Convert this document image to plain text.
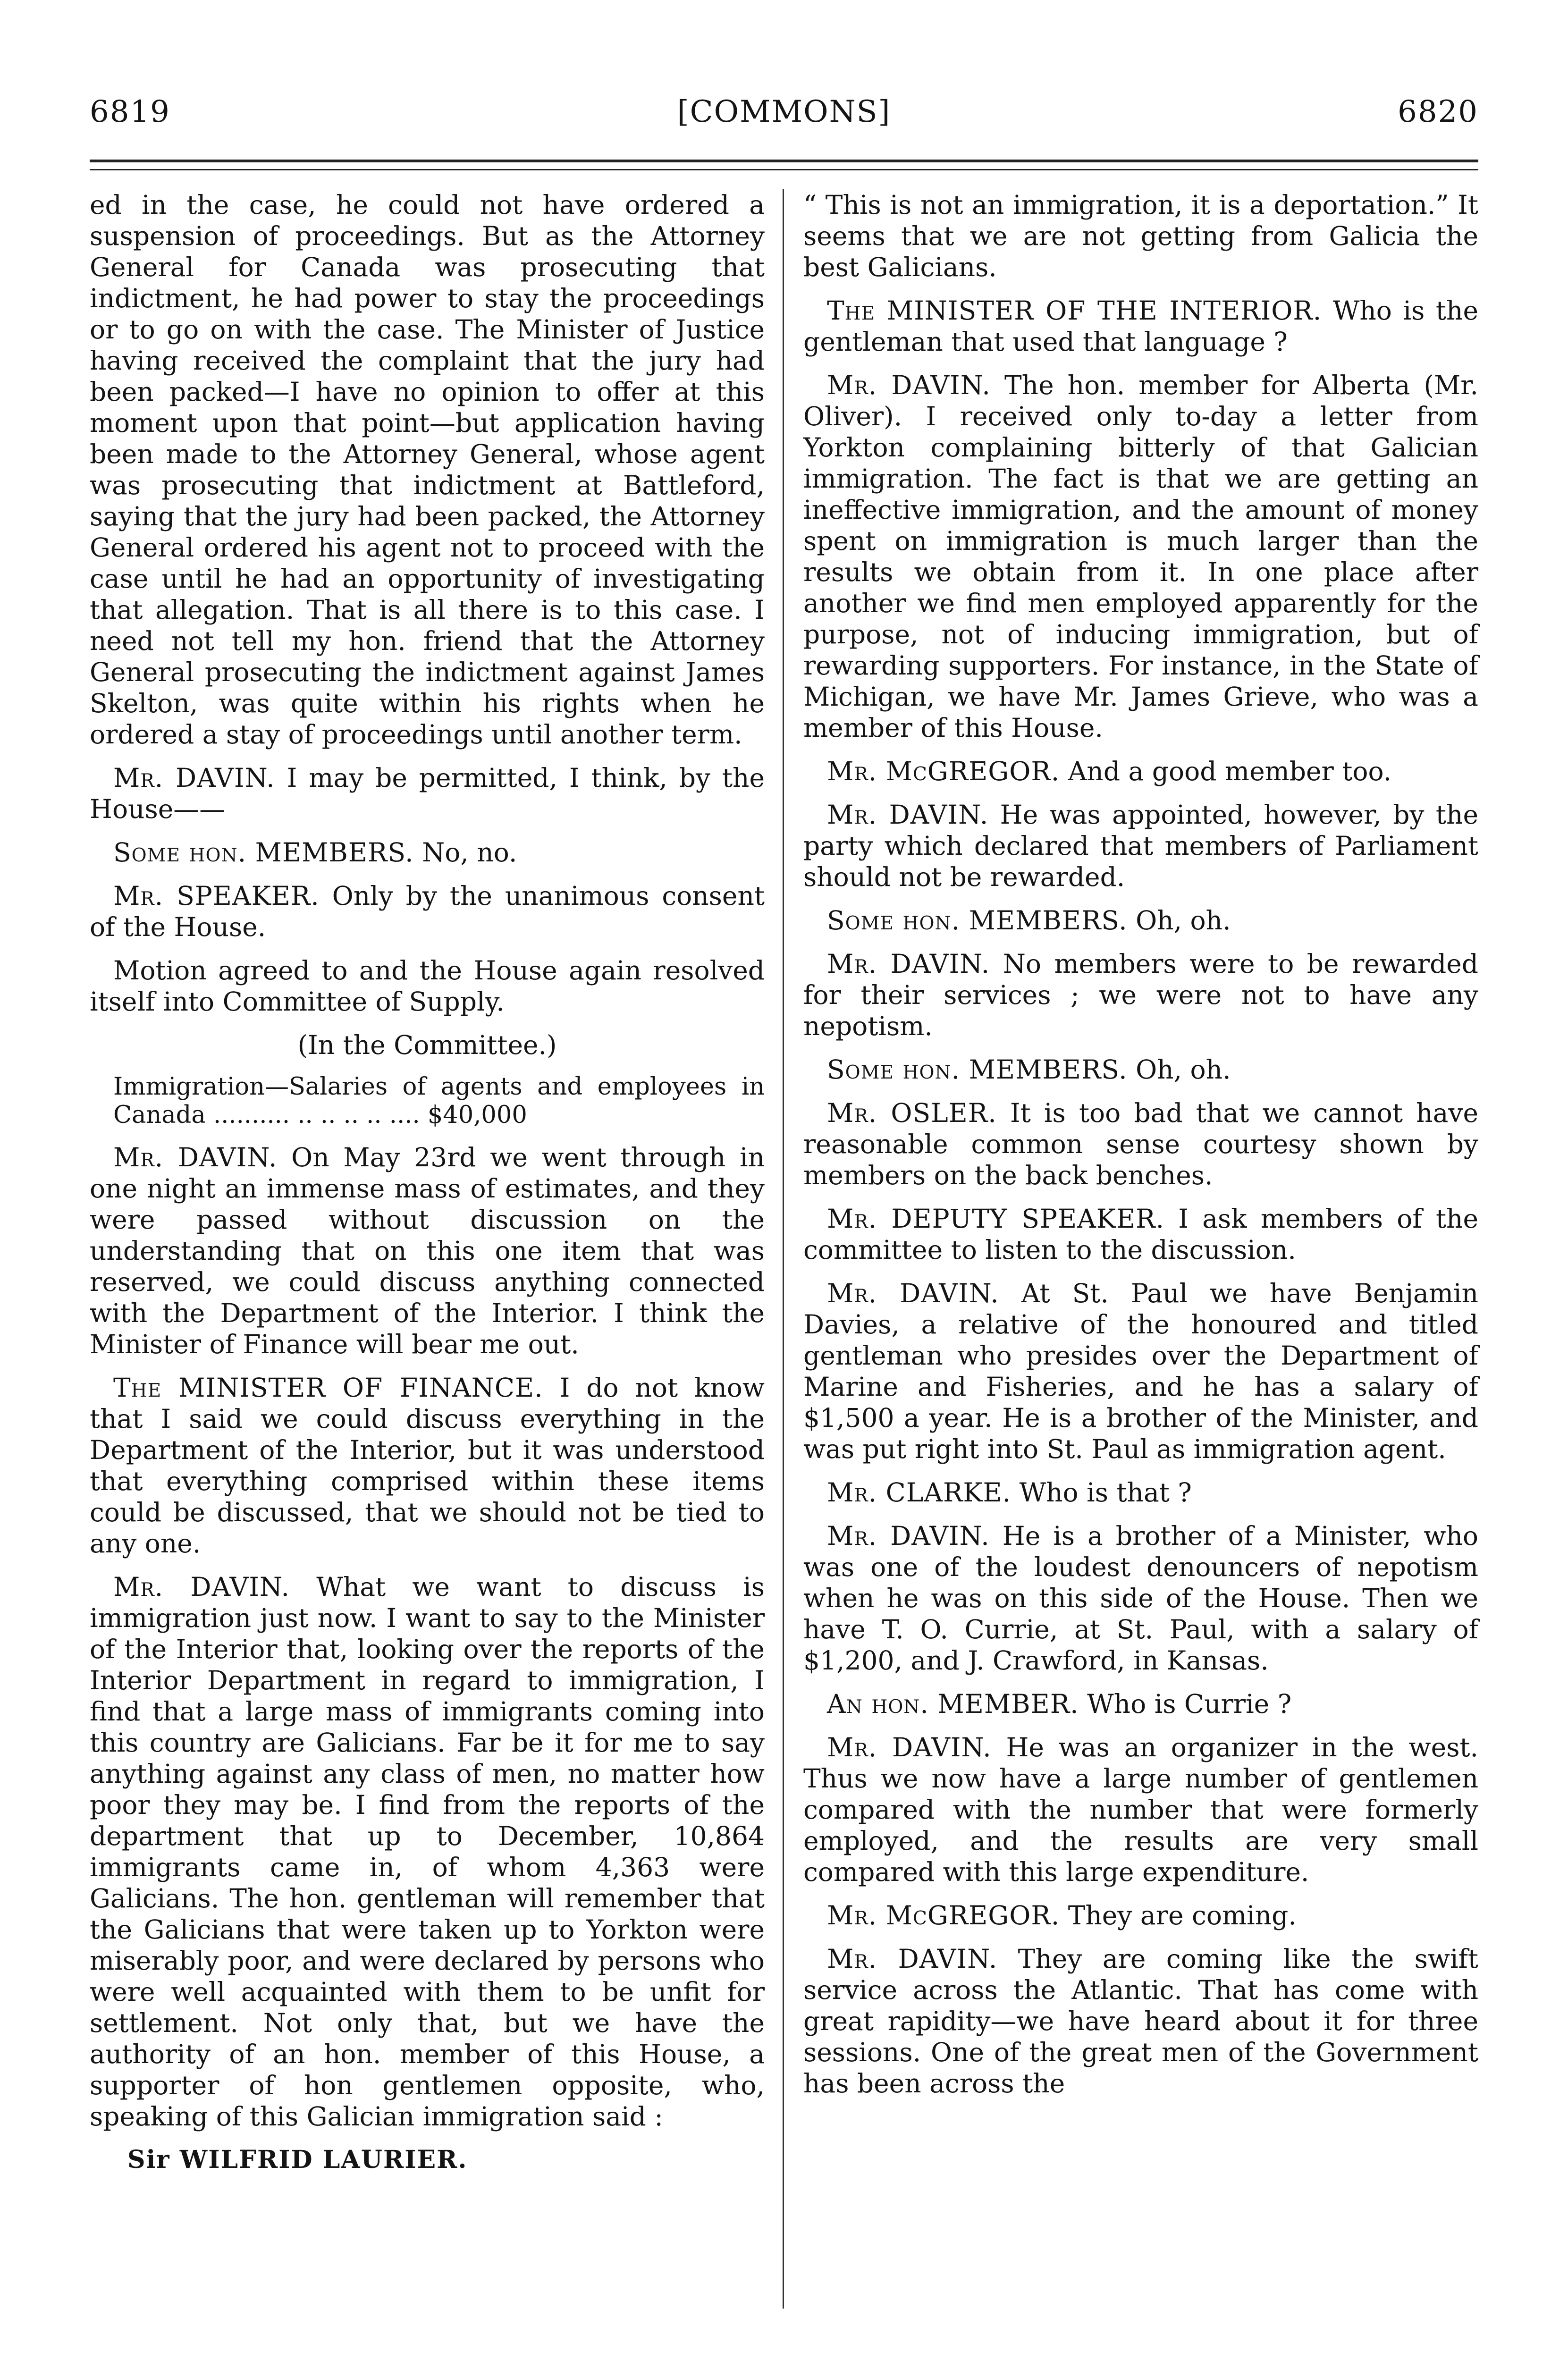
6819	[COMMONS]	6820

ed in the case, he could not have ordered a suspension of proceedings. But as the Attorney General for Canada was prosecuting that indictment, he had power to stay the proceedings or to go on with the case. The Minister of Justice having received the complaint that the jury had been packed—I have no opinion to offer at this moment upon that point—but application having been made to the Attorney General, whose agent was prosecuting that indictment at Battleford, saying that the jury had been packed, the Attorney General ordered his agent not to proceed with the case until he had an opportunity of investigating that allegation. That is all there is to this case. I need not tell my hon. friend that the Attorney General prosecuting the indictment against James Skelton, was quite within his rights when he ordered a stay of proceedings until another term.

Mr. DAVIN. I may be permitted, I think, by the House——

Some hon. MEMBERS. No, no.

Mr. SPEAKER. Only by the unanimous consent of the House.

Motion agreed to and the House again resolved itself into Committee of Supply.

(In the Committee.)

Immigration—Salaries of agents and employees in Canada .......... .. .. .. .. .... $40,000

Mr. DAVIN. On May 23rd we went through in one night an immense mass of estimates, and they were passed without discussion on the understanding that on this one item that was reserved, we could discuss anything connected with the Department of the Interior. I think the Minister of Finance will bear me out.

The MINISTER OF FINANCE. I do not know that I said we could discuss everything in the Department of the Interior, but it was understood that everything comprised within these items could be discussed, that we should not be tied to any one.

Mr. DAVIN. What we want to discuss is immigration just now. I want to say to the Minister of the Interior that, looking over the reports of the Interior Department in regard to immigration, I find that a large mass of immigrants coming into this country are Galicians. Far be it for me to say anything against any class of men, no matter how poor they may be. I find from the reports of the department that up to December, 10,864 immigrants came in, of whom 4,363 were Galicians. The hon. gentleman will remember that the Galicians that were taken up to Yorkton were miserably poor, and were declared by persons who were well acquainted with them to be unfit for settlement. Not only that, but we have the authority of an hon. member of this House, a supporter of hon gentlemen opposite, who, speaking of this Galician immigration said :

Sir WILFRID LAURIER.

“ This is not an immigration, it is a deportation.” It seems that we are not getting from Galicia the best Galicians.

The MINISTER OF THE INTERIOR. Who is the gentleman that used that language ?

Mr. DAVIN. The hon. member for Alberta (Mr. Oliver). I received only to-day a letter from Yorkton complaining bitterly of that Galician immigration. The fact is that we are getting an ineffective immigration, and the amount of money spent on immigration is much larger than the results we obtain from it. In one place after another we find men employed apparently for the purpose, not of inducing immigration, but of rewarding supporters. For instance, in the State of Michigan, we have Mr. James Grieve, who was a member of this House.

Mr. McGREGOR. And a good member too.

Mr. DAVIN. He was appointed, however, by the party which declared that members of Parliament should not be rewarded.

Some hon. MEMBERS. Oh, oh.

Mr. DAVIN. No members were to be rewarded for their services ; we were not to have any nepotism.

Some hon. MEMBERS. Oh, oh.

Mr. OSLER. It is too bad that we cannot have reasonable common sense courtesy shown by members on the back benches.

Mr. DEPUTY SPEAKER. I ask members of the committee to listen to the discussion.

Mr. DAVIN. At St. Paul we have Benjamin Davies, a relative of the honoured and titled gentleman who presides over the Department of Marine and Fisheries, and he has a salary of $1,500 a year. He is a brother of the Minister, and was put right into St. Paul as immigration agent.

Mr. CLARKE. Who is that ?

Mr. DAVIN. He is a brother of a Minister, who was one of the loudest denouncers of nepotism when he was on this side of the House. Then we have T. O. Currie, at St. Paul, with a salary of $1,200, and J. Crawford, in Kansas.

An hon. MEMBER. Who is Currie ?

Mr. DAVIN. He was an organizer in the west. Thus we now have a large number of gentlemen compared with the number that were formerly employed, and the results are very small compared with this large expenditure.

Mr. McGREGOR. They are coming.

Mr. DAVIN. They are coming like the swift service across the Atlantic. That has come with great rapidity—we have heard about it for three sessions. One of the great men of the Government has been across the
